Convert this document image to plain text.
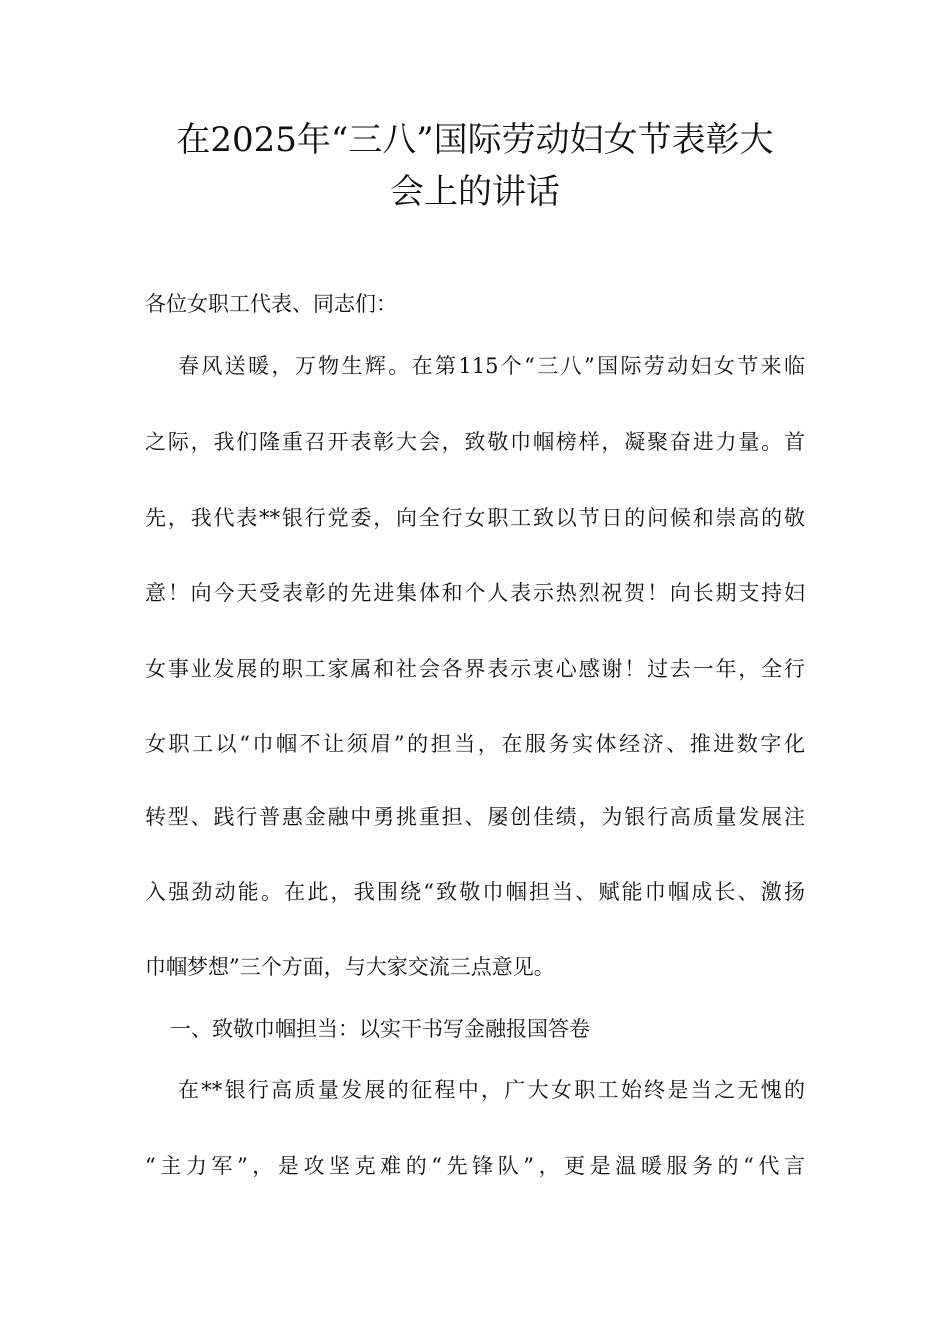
在2025年“三八”国际劳动妇女节表彰大
会上的讲话
各位女职工代表、同志们：
春风送暖，万物生辉。在第115个“三八”国际劳动妇女节来临
之际，我们隆重召开表彰大会，致敬巾帼榜样，凝聚奋进力量。首
先，我代表**银行党委，向全行女职工致以节日的问候和崇高的敬
意！向今天受表彰的先进集体和个人表示热烈祝贺！向长期支持妇
女事业发展的职工家属和社会各界表示衷心感谢！过去一年，全行
女职工以“巾帼不让须眉”的担当，在服务实体经济、推进数字化
转型、践行普惠金融中勇挑重担、屡创佳绩，为银行高质量发展注
入强劲动能。在此，我围绕“致敬巾帼担当、赋能巾帼成长、激扬
巾帼梦想”三个方面，与大家交流三点意见。
一、致敬巾帼担当：以实干书写金融报国答卷
在**银行高质量发展的征程中，广大女职工始终是当之无愧的
“主力军”，是攻坚克难的“先锋队”，更是温暖服务的“代言
